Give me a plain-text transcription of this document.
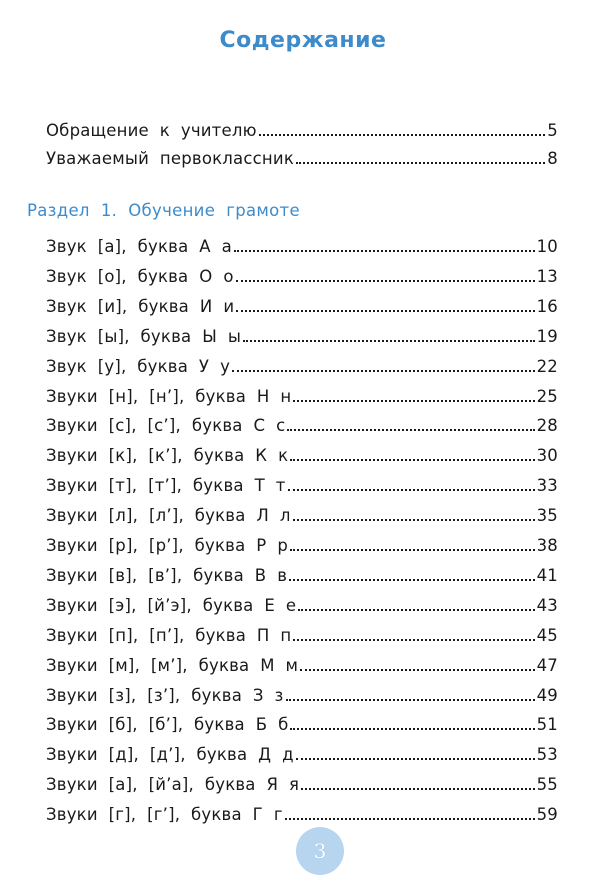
Содержание
Обращение  к  учителю	5
Уважаемый  первоклассник	8
Раздел  1.  Обучение  грамоте
Звук  [а],  буква  А  а	10
Звук  [о],  буква  О  о	13
Звук  [и],  буква  И  и	16
Звук  [ы],  буква  Ы  ы	19
Звук  [у],  буква  У  у	22
Звуки  [н],  [н’],  буква  Н  н	25
Звуки  [с],  [с’],  буква  С  с	28
Звуки  [к],  [к’],  буква  К  к	30
Звуки  [т],  [т’],  буква  Т  т	33
Звуки  [л],  [л’],  буква  Л  л	35
Звуки  [р],  [р’],  буква  Р  р	38
Звуки  [в],  [в’],  буква  В  в	41
Звуки  [э],  [й’э],  буква  Е  е	43
Звуки  [п],  [п’],  буква  П  п	45
Звуки  [м],  [м’],  буква  М  м	47
Звуки  [з],  [з’],  буква  З  з	49
Звуки  [б],  [б’],  буква  Б  б	51
Звуки  [д],  [д’],  буква  Д  д	53
Звуки  [а],  [й’а],  буква  Я  я	55
Звуки  [г],  [г’],  буква  Г  г	59
3
